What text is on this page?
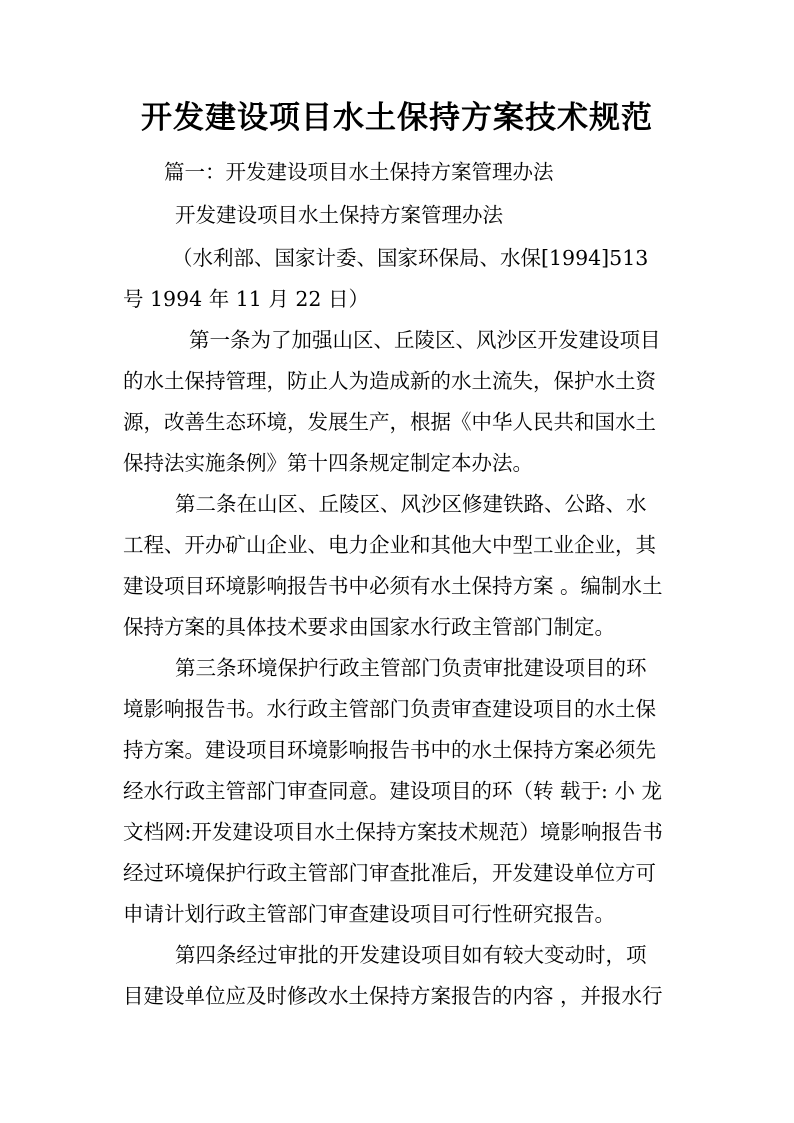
开发建设项目水土保持方案技术规范
篇一：开发建设项目水土保持方案管理办法
开发建设项目水土保持方案管理办法
（水利部、国家计委、国家环保局、水保[1994]513
号 1994 年 11 月 22 日）
第一条为了加强山区、丘陵区、风沙区开发建设项目
的水土保持管理，防止人为造成新的水土流失，保护水土资
源，改善生态环境，发展生产，根据《中华人民共和国水土
保持法实施条例》第十四条规定制定本办法。
第二条在山区、丘陵区、风沙区修建铁路、公路、水
工程、开办矿山企业、电力企业和其他大中型工业企业，其
建设项目环境影响报告书中必须有水土保持方案 。编制水土
保持方案的具体技术要求由国家水行政主管部门制定。
第三条环境保护行政主管部门负责审批建设项目的环
境影响报告书。水行政主管部门负责审查建设项目的水土保
持方案。建设项目环境影响报告书中的水土保持方案必须先
经水行政主管部门审查同意。建设项目的环（转 载于: 小 龙
文档网:开发建设项目水土保持方案技术规范）境影响报告书
经过环境保护行政主管部门审查批准后，开发建设单位方可
申请计划行政主管部门审查建设项目可行性研究报告。
第四条经过审批的开发建设项目如有较大变动时，项
目建设单位应及时修改水土保持方案报告的内容 ，并报水行
